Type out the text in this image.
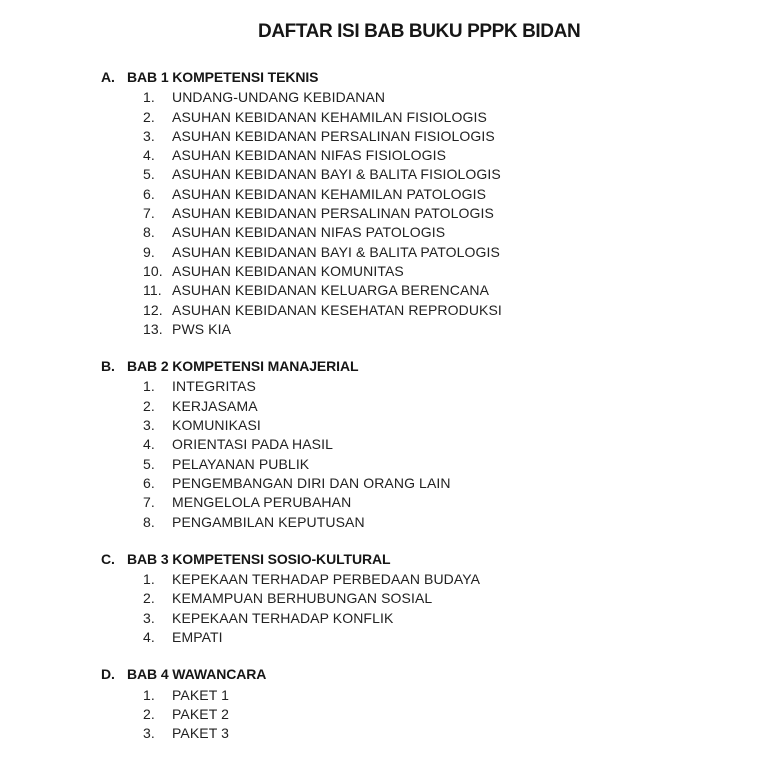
DAFTAR ISI BAB BUKU PPPK BIDAN
A. BAB 1 KOMPETENSI TEKNIS
1.	UNDANG-UNDANG KEBIDANAN
2.	ASUHAN KEBIDANAN KEHAMILAN FISIOLOGIS
3.	ASUHAN KEBIDANAN PERSALINAN FISIOLOGIS
4.	ASUHAN KEBIDANAN NIFAS FISIOLOGIS
5.	ASUHAN KEBIDANAN BAYI & BALITA FISIOLOGIS
6.	ASUHAN KEBIDANAN KEHAMILAN PATOLOGIS
7.	ASUHAN KEBIDANAN PERSALINAN PATOLOGIS
8.	ASUHAN KEBIDANAN NIFAS PATOLOGIS
9.	ASUHAN KEBIDANAN BAYI & BALITA PATOLOGIS
10. ASUHAN KEBIDANAN KOMUNITAS
11. ASUHAN KEBIDANAN KELUARGA BERENCANA
12. ASUHAN KEBIDANAN KESEHATAN REPRODUKSI
13. PWS KIA
B. BAB 2 KOMPETENSI MANAJERIAL
1.	INTEGRITAS
2.	KERJASAMA
3.	KOMUNIKASI
4.	ORIENTASI PADA HASIL
5.	PELAYANAN PUBLIK
6.	PENGEMBANGAN DIRI DAN ORANG LAIN
7.	MENGELOLA PERUBAHAN
8.	PENGAMBILAN KEPUTUSAN
C. BAB 3 KOMPETENSI SOSIO-KULTURAL
1.	KEPEKAAN TERHADAP PERBEDAAN BUDAYA
2.	KEMAMPUAN BERHUBUNGAN SOSIAL
3.	KEPEKAAN TERHADAP KONFLIK
4.	EMPATI
D. BAB 4 WAWANCARA
1.	PAKET 1
2.	PAKET 2
3.	PAKET 3
